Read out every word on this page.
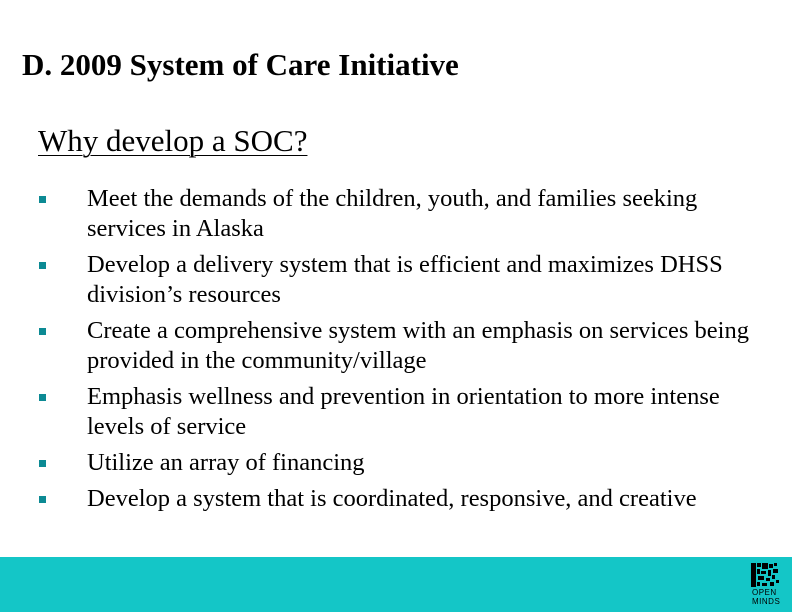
D. 2009 System of Care Initiative
Why develop a SOC?
Meet the demands of the children, youth, and families seeking services in Alaska
Develop a delivery system that is efficient and maximizes DHSS division’s resources
Create a comprehensive system with an emphasis on services being provided in the community/village
Emphasis wellness and prevention in orientation to more intense levels of service
Utilize an array of financing
Develop a system that is coordinated, responsive, and creative
OPEN
MINDS
